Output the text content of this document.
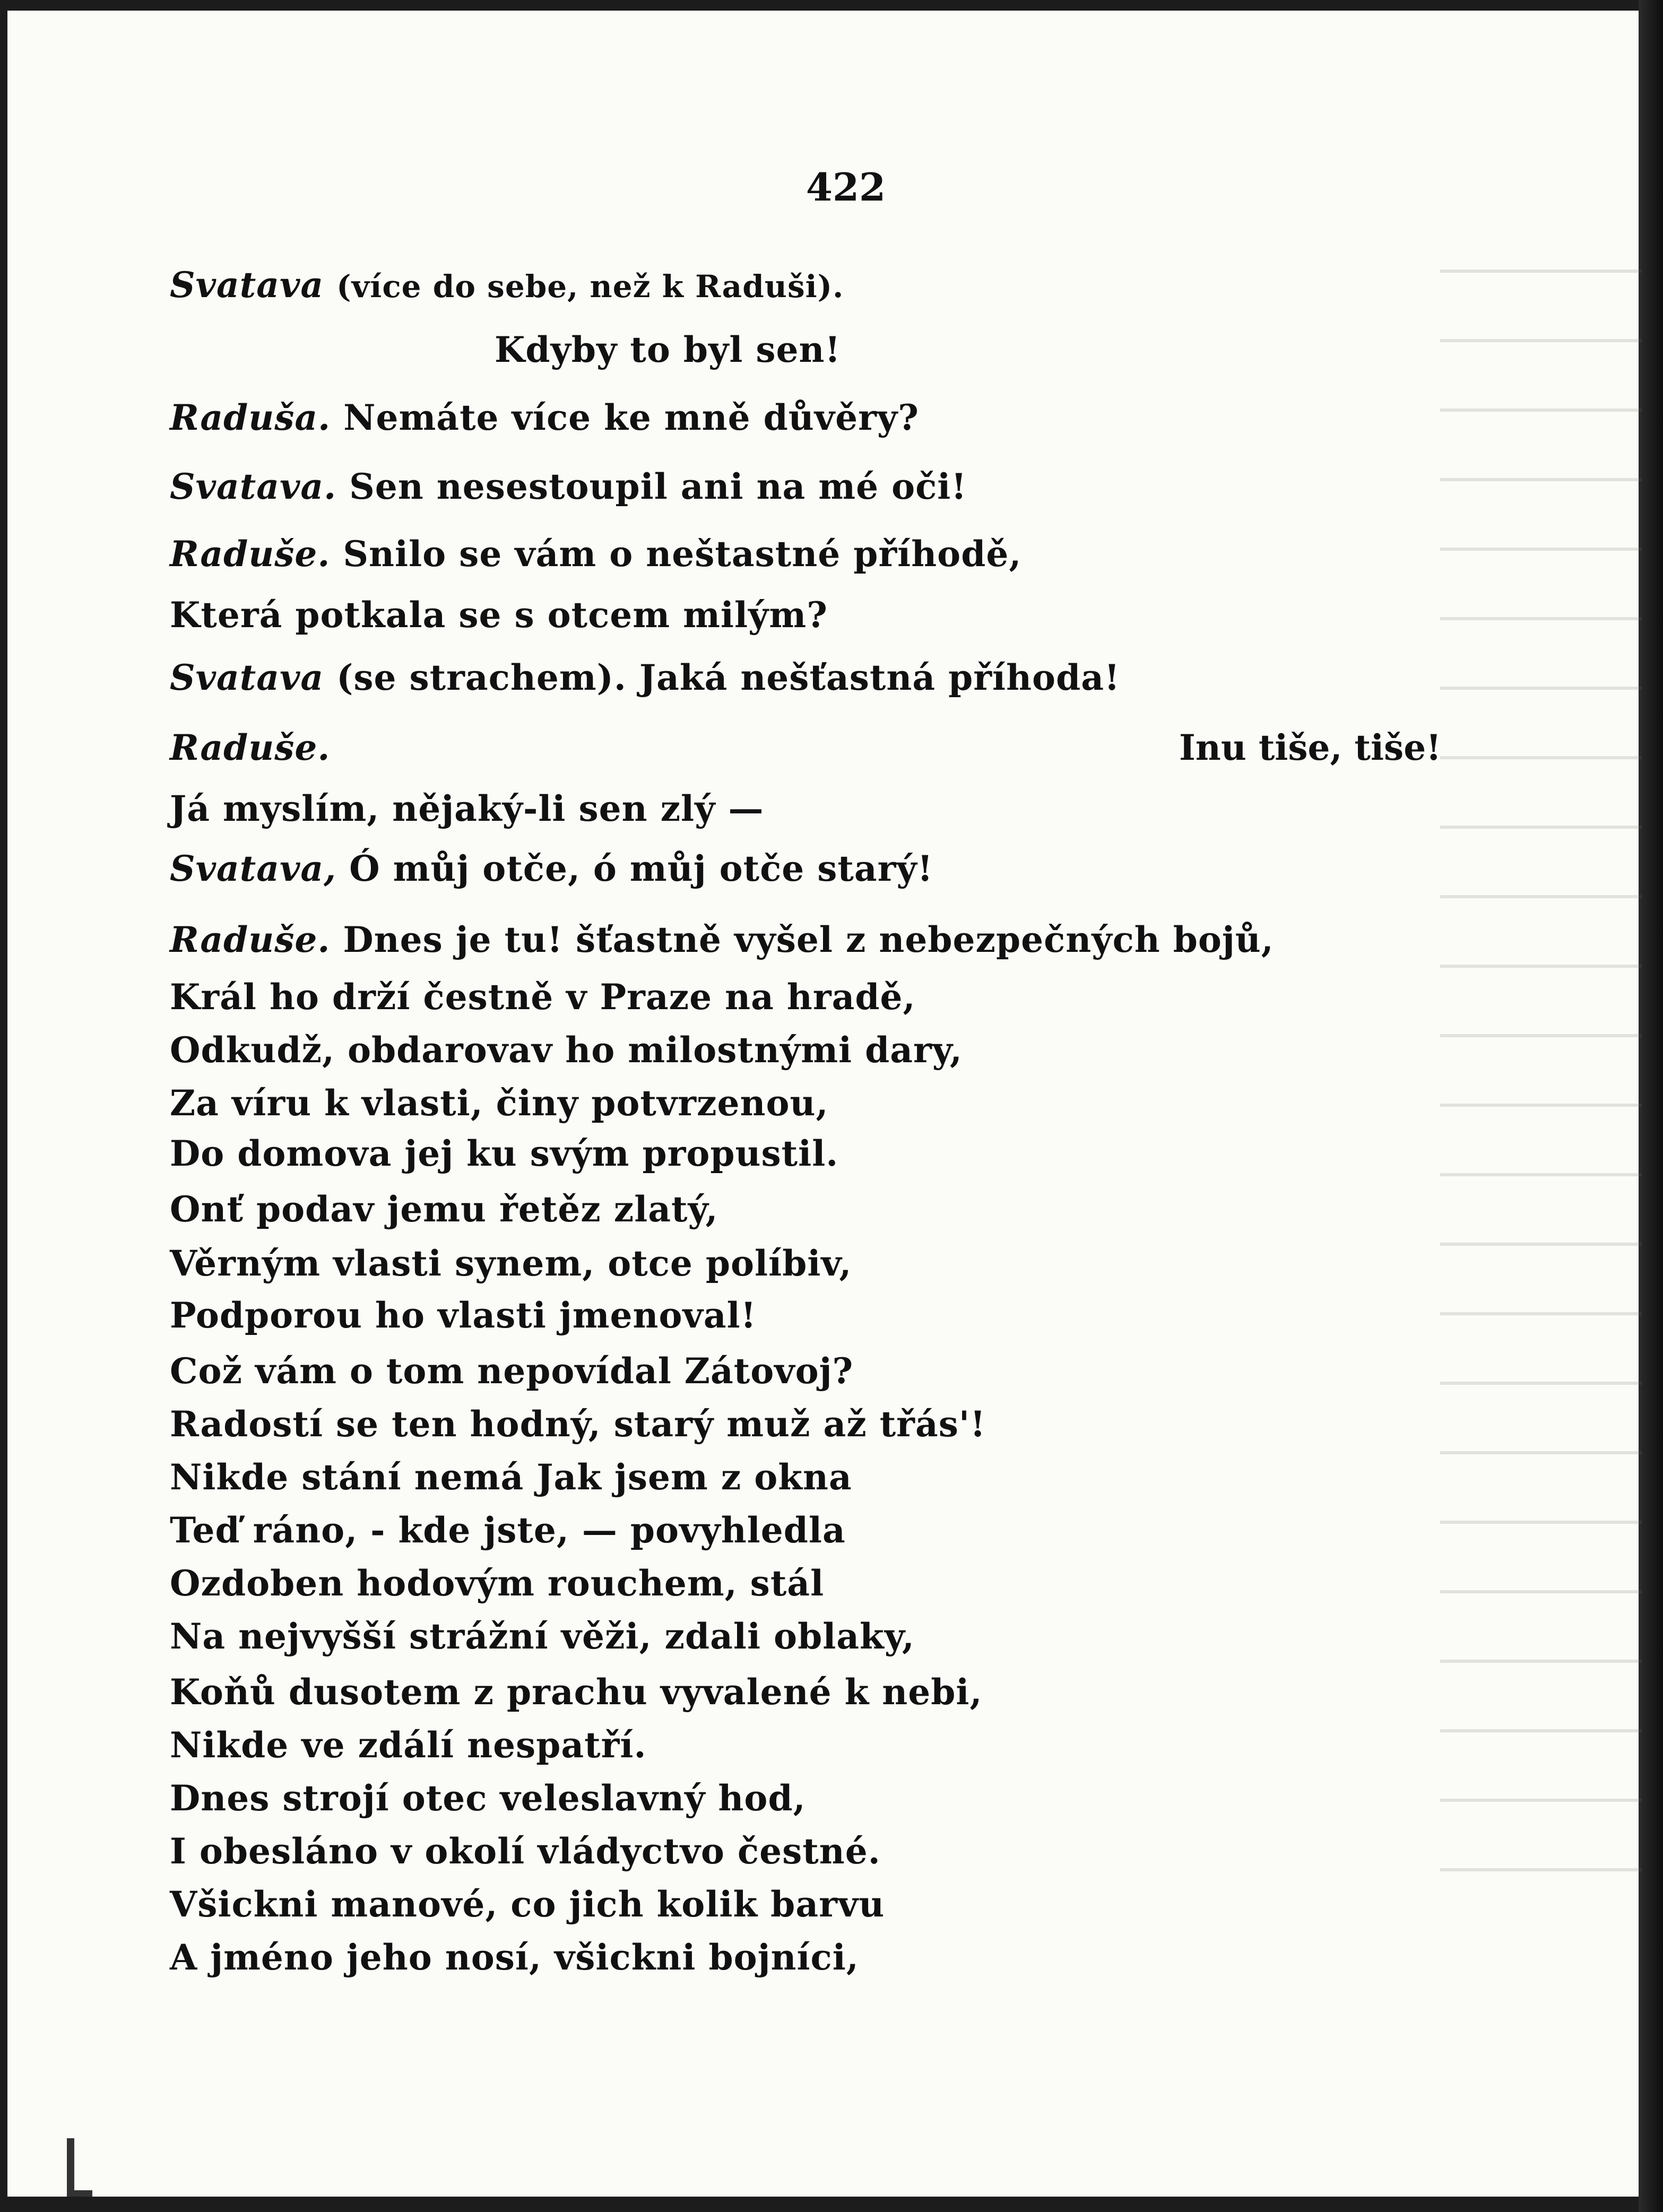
422
Svatava (více do sebe, než k Raduši).
Kdyby to byl sen!
Raduša. Nemáte více ke mně důvěry?
Svatava. Sen nesestoupil ani na mé oči!
Raduše. Snilo se vám o neštastné příhodě,
Která potkala se s otcem milým?
Svatava (se strachem). Jaká nešťastná příhoda!
Raduše.	Inu tiše, tiše!
Já myslím, nějaký-li sen zlý —
Svatava, Ó můj otče, ó můj otče starý!
Raduše. Dnes je tu! šťastně vyšel z nebezpečných bojů,
Král ho drží čestně v Praze na hradě,
Odkudž, obdarovav ho milostnými dary,
Za víru k vlasti, činy potvrzenou,
Do domova jej ku svým propustil.
Onť podav jemu řetěz zlatý,
Věrným vlasti synem, otce políbiv,
Podporou ho vlasti jmenoval!
Což vám o tom nepovídal Zátovoj?
Radostí se ten hodný, starý muž až třás'!
Nikde stání nemá Jak jsem z okna
Teď ráno, - kde jste, — povyhledla
Ozdoben hodovým rouchem, stál
Na nejvyšší strážní věži, zdali oblaky,
Koňů dusotem z prachu vyvalené k nebi,
Nikde ve zdálí nespatří.
Dnes strojí otec veleslavný hod,
I obesláno v okolí vládyctvo čestné.
Všickni manové, co jich kolik barvu
A jméno jeho nosí, všickni bojníci,
